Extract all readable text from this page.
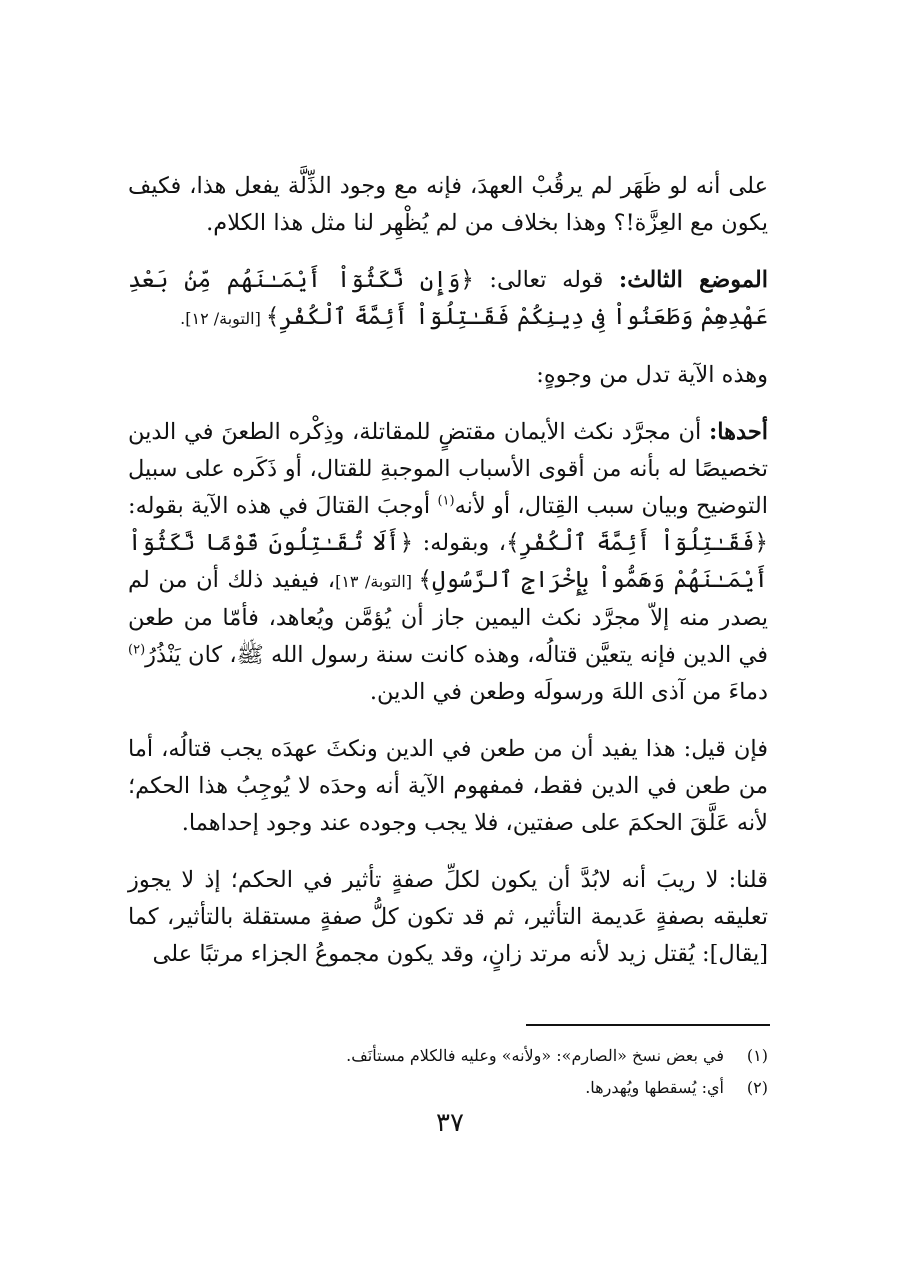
على أنه لو ظَهَر لم يرقُبْ العهدَ، فإنه مع وجود الذِّلَّة يفعل هذا، فكيف يكون مع العِزَّة!؟ وهذا بخلاف من لم يُظْهِر لنا مثل هذا الكلام.

الموضع الثالث: قوله تعالى: ﴿وَإِن نَّكَثُوٓاْ أَيْمَـٰنَهُم مِّنۢ بَعْدِ عَهْدِهِمْ وَطَعَنُواْ فِى دِينِكُمْ فَقَـٰتِلُوٓاْ أَئِمَّةَ ٱلْكُفْرِ﴾ [التوبة/ ١٢].

وهذه الآية تدل من وجوهٍ:

أحدها: أن مجرَّد نكث الأيمان مقتضٍ للمقاتلة، وذِكْره الطعنَ في الدين تخصيصًا له بأنه من أقوى الأسباب الموجبةِ للقتال، أو ذَكَره على سبيل التوضيح وبيان سبب القِتال، أو لأنه$^{(١)}$ أوجبَ القتالَ في هذه الآية بقوله: ﴿فَقَـٰتِلُوٓاْ أَئِمَّةَ ٱلْكُفْرِ﴾، وبقوله: ﴿أَلَا تُقَـٰتِلُونَ قَوْمًا نَّكَثُوٓاْ أَيْمَـٰنَهُمْ وَهَمُّواْ بِإِخْرَاجِ ٱلرَّسُولِ﴾ [التوبة/ ١٣]، فيفيد ذلك أن من لم يصدر منه إلاّ مجرَّد نكث اليمين جاز أن يُؤمَّن ويُعاهد، فأمّا من طعن في الدين فإنه يتعيَّن قتالُه، وهذه كانت سنة رسول الله ﷺ، كان يَنْذُرُ$^{(٢)}$ دماءَ من آذى اللهَ ورسولَه وطعن في الدين.

فإن قيل: هذا يفيد أن من طعن في الدين ونكثَ عهدَه يجب قتالُه، أما من طعن في الدين فقط، فمفهوم الآية أنه وحدَه لا يُوجِبُ هذا الحكم؛ لأنه عَلَّقَ الحكمَ على صفتين، فلا يجب وجوده عند وجود إحداهما.

قلنا: لا ريبَ أنه لابُدَّ أن يكون لكلِّ صفةٍ تأثير في الحكم؛ إذ لا يجوز تعليقه بصفةٍ عَديمة التأثير، ثم قد تكون كلُّ صفةٍ مستقلة بالتأثير، كما [يقال]: يُقتل زيد لأنه مرتد زانٍ، وقد يكون مجموعُ الجزاء مرتبًا على

(١)
في بعض نسخ «الصارم»: «ولأنه» وعليه فالكلام مستأنَف.
(٢)
أي: يُسقطها ويُهدرها.
٣٧
